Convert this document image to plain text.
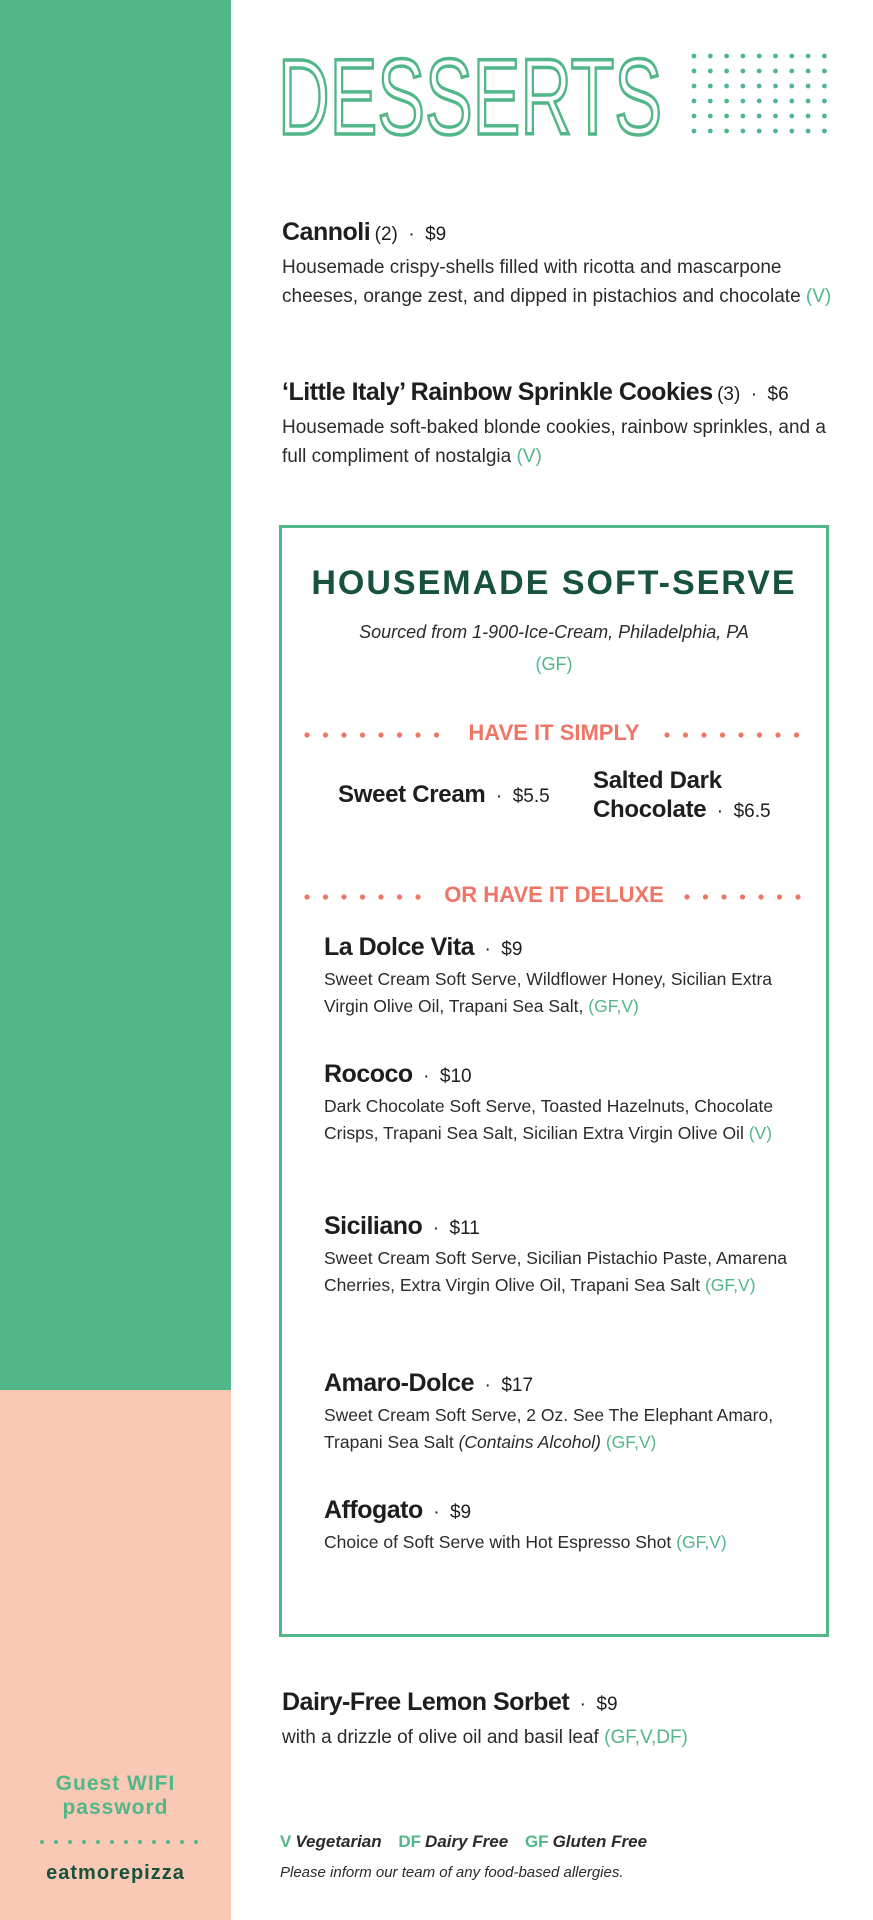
Guest WIFI
password
eatmorepizza
DESSERTS
Cannoli (2) · $9
Housemade crispy-shells filled with ricotta and mascarpone cheeses, orange zest, and dipped in pistachios and chocolate (V)
‘Little Italy’ Rainbow Sprinkle Cookies (3) · $6
Housemade soft-baked blonde cookies, rainbow sprinkles, and a full compliment of nostalgia (V)
HOUSEMADE SOFT-SERVE
Sourced from 1-900-Ice-Cream, Philadelphia, PA
(GF)
HAVE IT SIMPLY
Sweet Cream · $5.5
Salted Dark
Chocolate · $6.5
OR HAVE IT DELUXE
La Dolce Vita · $9
Sweet Cream Soft Serve, Wildflower Honey, Sicilian Extra Virgin Olive Oil, Trapani Sea Salt, (GF,V)
Rococo · $10
Dark Chocolate Soft Serve, Toasted Hazelnuts, Chocolate Crisps, Trapani Sea Salt, Sicilian Extra Virgin Olive Oil (V)
Siciliano · $11
Sweet Cream Soft Serve, Sicilian Pistachio Paste, Amarena Cherries, Extra Virgin Olive Oil, Trapani Sea Salt (GF,V)
Amaro-Dolce · $17
Sweet Cream Soft Serve, 2 Oz. See The Elephant Amaro, Trapani Sea Salt (Contains Alcohol) (GF,V)
Affogato · $9
Choice of Soft Serve with Hot Espresso Shot (GF,V)
Dairy-Free Lemon Sorbet · $9
with a drizzle of olive oil and basil leaf (GF,V,DF)
V Vegetarian DF Dairy Free GF Gluten Free
Please inform our team of any food-based allergies.
